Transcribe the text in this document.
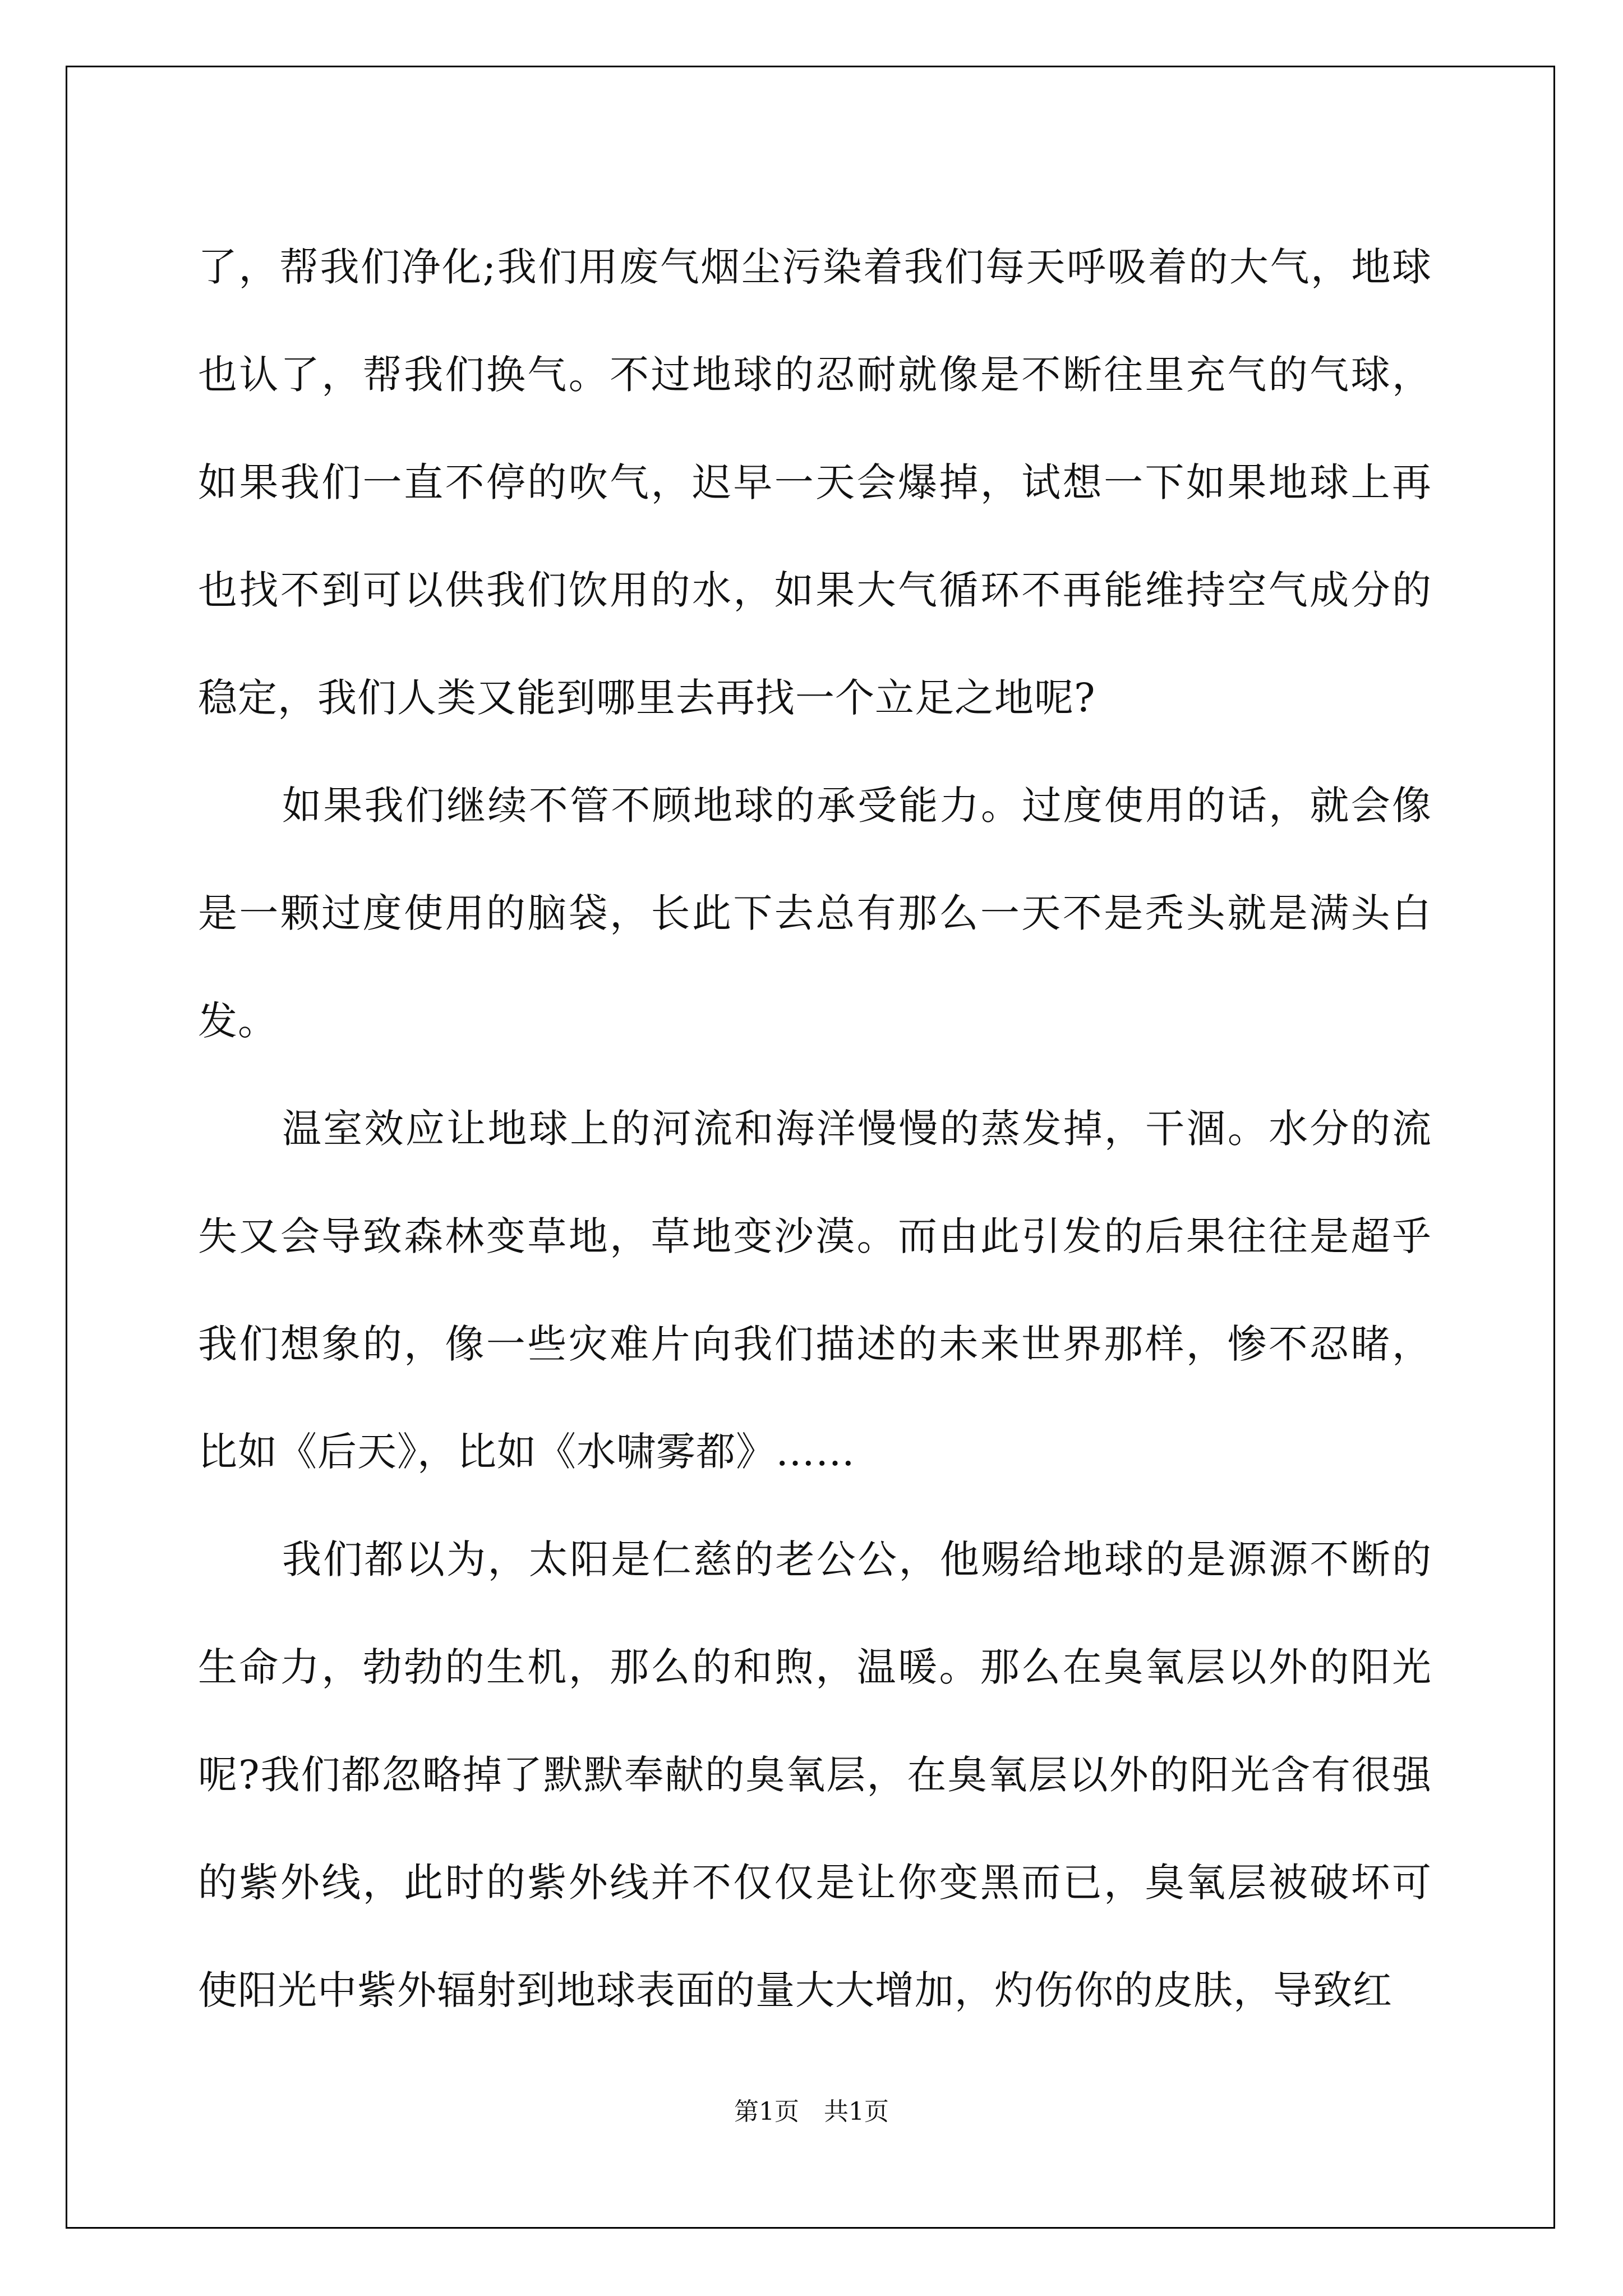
了，帮我们净化;我们用废气烟尘污染着我们每天呼吸着的大气，地球也认了，帮我们换气。不过地球的忍耐就像是不断往里充气的气球，如果我们一直不停的吹气，迟早一天会爆掉，试想一下如果地球上再也找不到可以供我们饮用的水，如果大气循环不再能维持空气成分的稳定，我们人类又能到哪里去再找一个立足之地呢?

如果我们继续不管不顾地球的承受能力。过度使用的话，就会像是一颗过度使用的脑袋，长此下去总有那么一天不是秃头就是满头白发。

温室效应让地球上的河流和海洋慢慢的蒸发掉，干涸。水分的流失又会导致森林变草地，草地变沙漠。而由此引发的后果往往是超乎我们想象的，像一些灾难片向我们描述的未来世界那样，惨不忍睹，比如《后天》，比如《水啸雾都》……

我们都以为，太阳是仁慈的老公公，他赐给地球的是源源不断的生命力，勃勃的生机，那么的和煦，温暖。那么在臭氧层以外的阳光呢?我们都忽略掉了默默奉献的臭氧层，在臭氧层以外的阳光含有很强的紫外线，此时的紫外线并不仅仅是让你变黑而已，臭氧层被破坏可使阳光中紫外辐射到地球表面的量大大增加，灼伤你的皮肤，导致红

第1页　共1页
